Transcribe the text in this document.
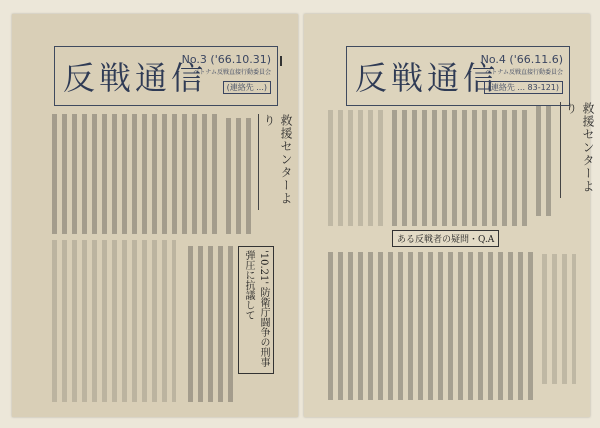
反戦通信
No.3 ('66.10.31)
ベトナム反戦直接行動委員会
(連絡先 ...)
救援センターより
'10.21' 防衛庁闘争の刑事弾圧に抗議して
反戦通信
No.4 ('66.11.6)
ベトナム反戦直接行動委員会
(連絡先 ... 83-121)
救援センターより
ある反戦者の疑問・Q.A
